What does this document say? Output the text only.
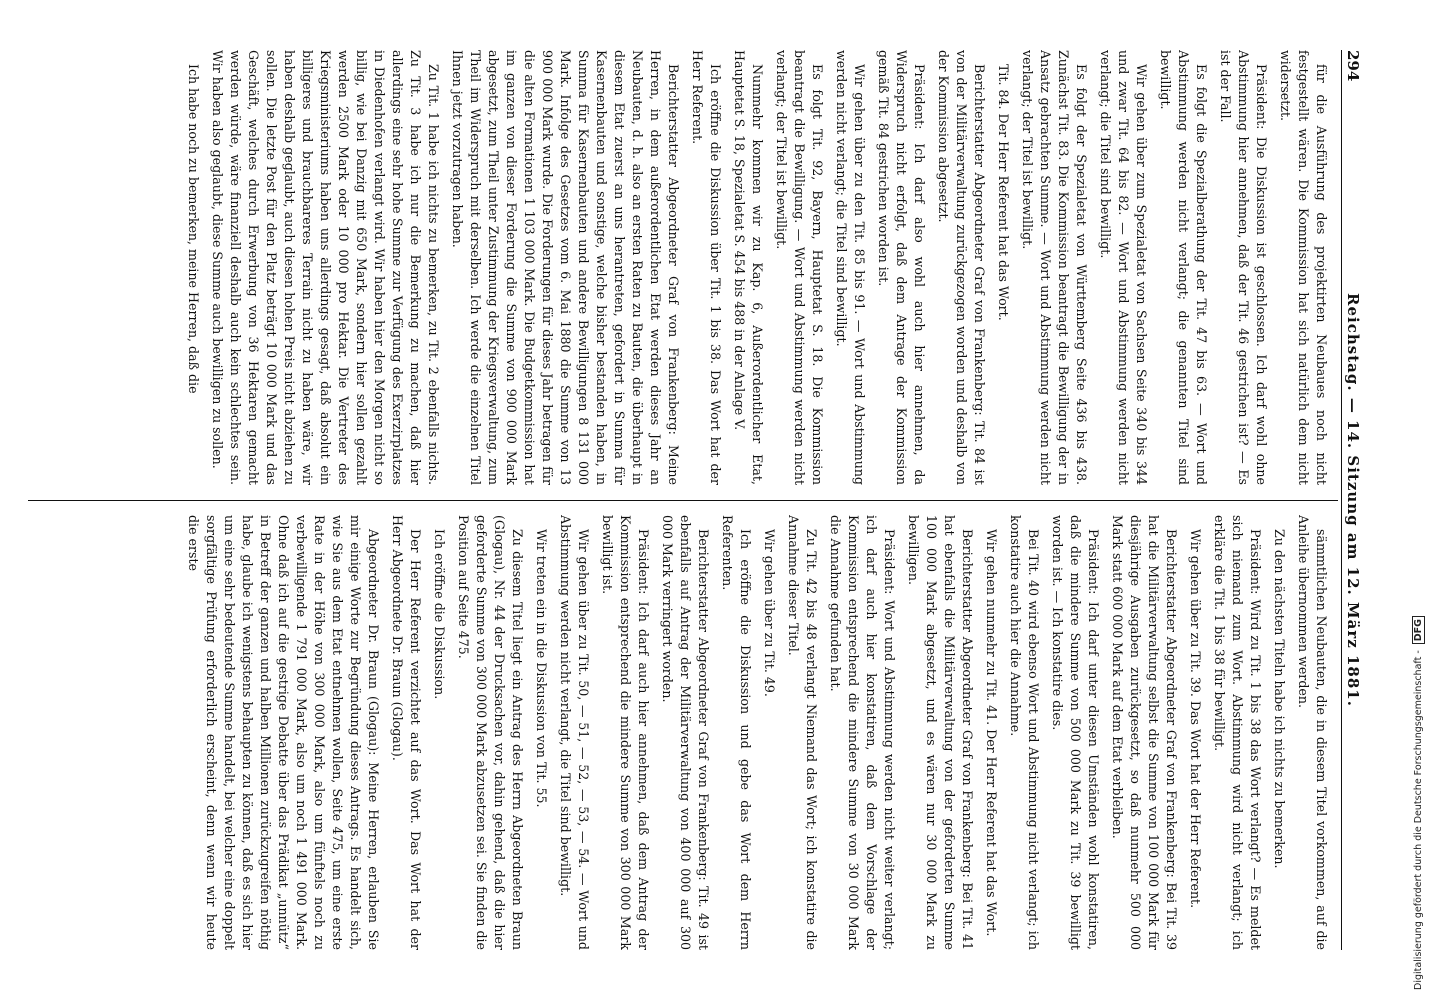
294
Reichstag. — 14. Sitzung am 12. März 1881.

für die Ausführung des projektirten Neubaues noch nicht festgestellt wären. Die Kommission hat sich natürlich dem nicht widersetzt.

Präsident: Die Diskussion ist geschlossen. Ich darf wohl ohne Abstimmung hier annehmen, daß der Tit. 46 gestrichen ist? — Es ist der Fall.

Es folgt die Spezialberathung der Tit. 47 bis 63. — Wort und Abstimmung werden nicht verlangt; die genannten Titel sind bewilligt.

Wir gehen über zum Spezialetat von Sachsen Seite 340 bis 344 und zwar Tit. 64 bis 82. — Wort und Abstimmung werden nicht verlangt; die Titel sind bewilligt.

Es folgt der Spezialetat von Württemberg Seite 436 bis 438. Zunächst Tit. 83. Die Kommission beantragt die Bewilligung der in Ansatz gebrachten Summe. — Wort und Abstimmung werden nicht verlangt; der Titel ist bewilligt.

Tit. 84. Der Herr Referent hat das Wort.

Berichterstatter Abgeordneter Graf von Frankenberg: Tit. 84 ist von der Militärverwaltung zurückgezogen worden und deshalb von der Kommission abgesetzt.

Präsident: Ich darf also wohl auch hier annehmen, da Widerspruch nicht erfolgt, daß dem Antrage der Kommission gemäß Tit. 84 gestrichen worden ist.

Wir gehen über zu den Tit. 85 bis 91. — Wort und Abstimmung werden nicht verlangt; die Titel sind bewilligt.

Es folgt Tit. 92, Bayern, Hauptetat S. 18. Die Kommission beantragt die Bewilligung. — Wort und Abstimmung werden nicht verlangt; der Titel ist bewilligt.

Nummehr kommen wir zu Kap. 6, Außerordentlicher Etat, Hauptetat S. 18, Spezialetat S. 454 bis 488 in der Anlage V.

Ich eröffne die Diskussion über Tit. 1 bis 38. Das Wort hat der Herr Referent.

Berichterstatter Abgeordneter Graf von Frankenberg: Meine Herren, in dem außerordentlichen Etat werden dieses Jahr an Neubauten, d. h. also an ersten Raten zu Bauten, die überhaupt in diesem Etat zuerst an uns herantreten, gefordert in Summa für Kasernenbauten und sonstige, welche bisher bestanden haben, in Summa für Kasernenbauten und andere Bewilligungen 8 131 000 Mark. Infolge des Gesetzes vom 6. Mai 1880 die Summe von 13 900 000 Mark wurde. Die Forderungen für dieses Jahr betragen für die alten Formationen 1 103 000 Mark. Die Budgetkommission hat im ganzen von dieser Forderung die Summe von 900 000 Mark abgesetzt, zum Theil unter Zustimmung der Kriegsverwaltung, zum Theil im Widerspruch mit derselben. Ich werde die einzelnen Titel Ihnen jetzt vorzutragen haben.

Zu Tit. 1 habe ich nichts zu bemerken, zu Tit. 2 ebenfalls nichts. Zu Tit. 3 habe ich nur die Bemerkung zu machen, daß hier allerdings eine sehr hohe Summe zur Verfügung des Exerzirplatzes in Diedenhofen verlangt wird. Wir haben hier den Morgen nicht so billig, wie bei Danzig mit 650 Mark, sondern hier sollen gezahlt werden 2500 Mark oder 10 000 pro Hektar. Die Vertreter des Kriegsministeriums haben uns allerdings gesagt, daß absolut ein billigeres und brauchbareres Terrain nicht zu haben wäre, wir haben deshalb geglaubt, auch diesen hohen Preis nicht abziehen zu sollen. Die letzte Post für den Platz beträgt 10 000 Mark und das Geschäft, welches durch Erwerbung von 36 Hektaren gemacht werden würde, wäre finanziell deshalb auch kein schlechtes sein. Wir haben also geglaubt, diese Summe auch bewilligen zu sollen.

Ich habe noch zu bemerken, meine Herren, daß die

sämmtlichen Neubauten, die in diesem Titel vorkommen, auf die Anleihe übernommen werden.

Zu den nächsten Titeln habe ich nichts zu bemerken.

Präsident: Wird zu Tit. 1 bis 38 das Wort verlangt? — Es meldet sich niemand zum Wort. Abstimmung wird nicht verlangt; ich erkläre die Tit. 1 bis 38 für bewilligt.

Wir gehen über zu Tit. 39. Das Wort hat der Herr Referent.

Berichterstatter Abgeordneter Graf von Frankenberg: Bei Tit. 39 hat die Militärverwaltung selbst die Summe von 100 000 Mark für diesjährige Ausgaben zurückgesetzt, so daß nunmehr 500 000 Mark statt 600 000 Mark auf dem Etat verbleiben.

Präsident: Ich darf unter diesen Umständen wohl konstatiren, daß die mindere Summe von 500 000 Mark zu Tit. 39 bewilligt worden ist. — Ich konstatire dies.

Bei Tit. 40 wird ebenso Wort und Abstimmung nicht verlangt; ich konstatire auch hier die Annahme.

Wir gehen nunmehr zu Tit. 41. Der Herr Referent hat das Wort.

Berichterstatter Abgeordneter Graf von Frankenberg: Bei Tit. 41 hat ebenfalls die Militärverwaltung von der geforderten Summe 100 000 Mark abgesetzt, und es wären nur 30 000 Mark zu bewilligen.

Präsident: Wort und Abstimmung werden nicht weiter verlangt; ich darf auch hier konstatiren, daß dem Vorschlage der Kommission entsprechend die mindere Summe von 30 000 Mark die Annahme gefunden hat.

Zu Tit. 42 bis 48 verlangt Niemand das Wort; ich konstatire die Annahme dieser Titel.

Wir gehen über zu Tit. 49.

Ich eröffne die Diskussion und gebe das Wort dem Herrn Referenten.

Berichterstatter Abgeordneter Graf von Frankenberg: Tit. 49 ist ebenfalls auf Antrag der Militärverwaltung von 400 000 auf 300 000 Mark verringert worden.

Präsident: Ich darf auch hier annehmen, daß dem Antrag der Kommission entsprechend die mindere Summe von 300 000 Mark bewilligt ist.

Wir gehen über zu Tit. 50, — 51, — 52, — 53, — 54. — Wort und Abstimmung werden nicht verlangt, die Titel sind bewilligt.

Wir treten ein in die Diskussion von Tit. 55.

Zu diesem Titel liegt ein Antrag des Herrn Abgeordneten Braun (Glogau), Nr. 44 der Drucksachen vor, dahin gehend, daß die hier geforderte Summe von 300 000 Mark abzusetzen sei. Sie finden die Position auf Seite 475.

Ich eröffne die Diskussion.

Der Herr Referent verzichtet auf das Wort. Das Wort hat der Herr Abgeordnete Dr. Braun (Glogau).

Abgeordneter Dr. Braun (Glogau): Meine Herren, erlauben Sie mir einige Worte zur Begründung dieses Antrags. Es handelt sich, wie Sie aus dem Etat entnehmen wollen, Seite 475, um eine erste Rate in der Höhe von 300 000 Mark, also um fünftels noch zu verbewilligende 1 791 000 Mark, also um noch 1 491 000 Mark. Ohne daß ich auf die gestrige Debatte über das Prädikat „unnütz“ in Betreff der ganzen und halben Millionen zurückzugreifen nöthig habe, glaube ich wenigstens behaupten zu können, daß es sich hier um eine sehr bedeutende Summe handelt, bei welcher eine doppelt sorgfältige Prüfung erforderlich erscheint, denn wenn wir heute die erste

Digitalisierung gefördert durch die Deutsche Forschungsgemeinschaft - DFG
